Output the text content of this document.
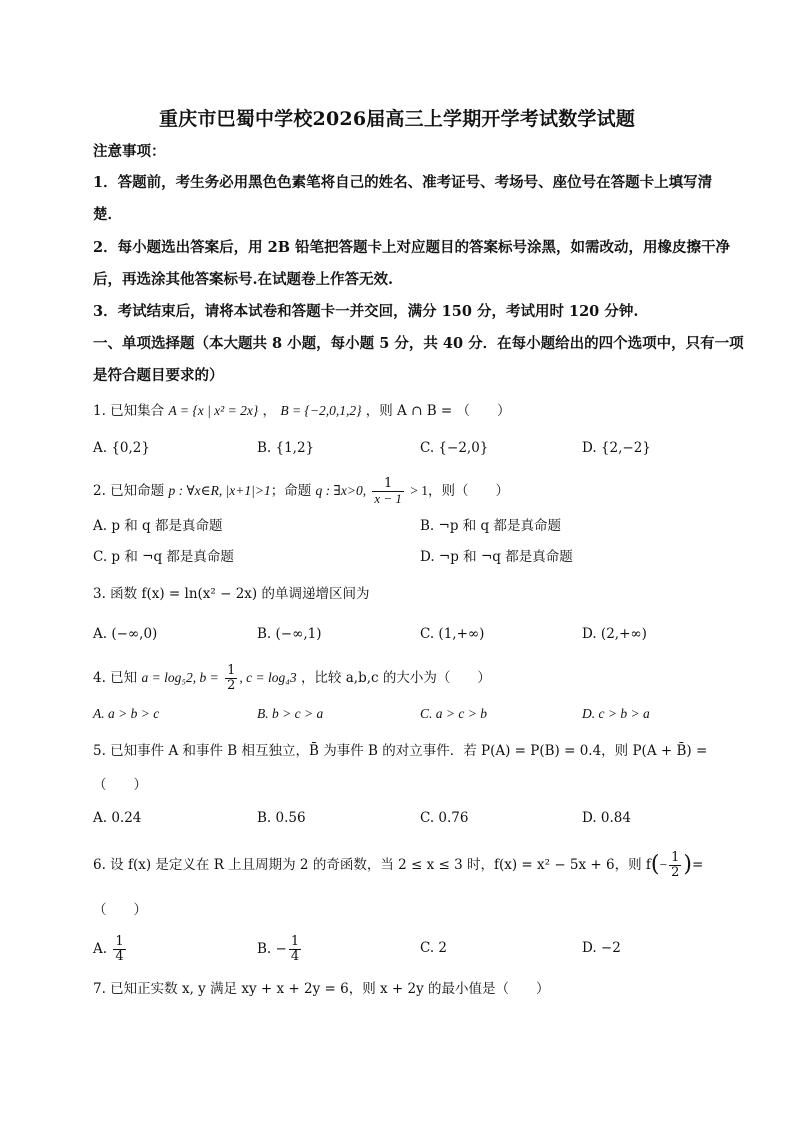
重庆市巴蜀中学校2026届高三上学期开学考试数学试题
注意事项：
1．答题前，考生务必用黑色色素笔将自己的姓名、准考证号、考场号、座位号在答题卡上填写清
楚．
2．每小题选出答案后，用 2B 铅笔把答题卡上对应题目的答案标号涂黑，如需改动，用橡皮擦干净
后，再选涂其他答案标号.在试题卷上作答无效.
3．考试结束后，请将本试卷和答题卡一并交回，满分 150 分，考试用时 120 分钟.
一、单项选择题（本大题共 8 小题，每小题 5 分，共 40 分．在每小题给出的四个选项中，只有一项
是符合题目要求的）
1. 已知集合 A = {x | x² = 2x} ， B = {−2,0,1,2} ，则 A ∩ B = （　　）
A. {0,2}	B. {1,2}	C. {−2,0}	D. {2,−2}
2. 已知命题 p : ∀x∈R, |x+1|>1；命题 q : ∃x>0, $\frac{1}{x - 1} > 1$，则（　　）
A. p 和 q 都是真命题	B. ¬p 和 q 都是真命题
C. p 和 ¬q 都是真命题	D. ¬p 和 ¬q 都是真命题
3. 函数 f(x) = ln(x² − 2x) 的单调递增区间为
A. (−∞,0)	B. (−∞,1)	C. (1,+∞)	D. (2,+∞)
4. 已知 a = log₅2, $b = \frac{1}{2}$ , c = log₄3 ，比较 a,b,c 的大小为（　　）
A. a > b > c	B. b > c > a	C. a > c > b	D. c > b > a
5. 已知事件 A 和事件 B 相互独立，B̄ 为事件 B 的对立事件．若 P(A) = P(B) = 0.4，则 P(A + B̄) =
（　　）
A. 0.24	B. 0.56	C. 0.76	D. 0.84
6. 设 f(x) 是定义在 R 上且周期为 2 的奇函数，当 2 ≤ x ≤ 3 时，f(x) = x² − 5x + 6，则 $f(- \frac{1}{2}$ )=
（　　）
A. $\frac{1}{4}$	B. − $\frac{1}{4}$	C. 2	D. −2
7. 已知正实数 x, y 满足 xy + x + 2y = 6，则 x + 2y 的最小值是（　　）
